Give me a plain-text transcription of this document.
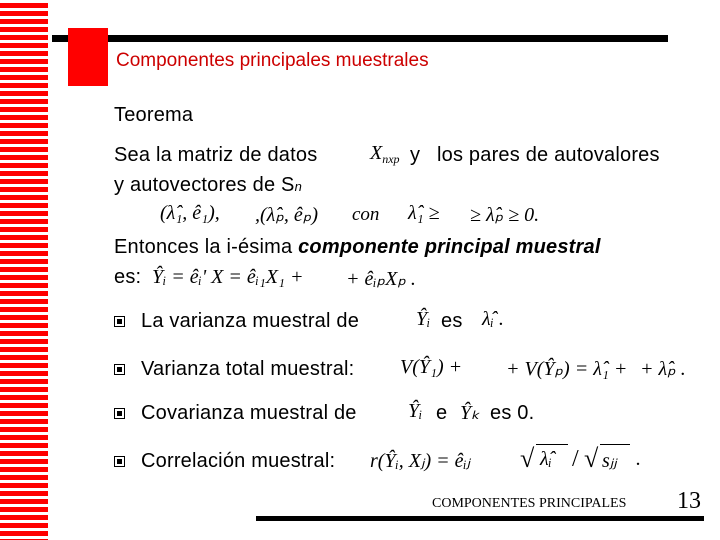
Componentes principales muestrales
Teorema
Sea la matriz de datos	$X_{nxp}$ y los pares de autovalores
y autovectores de Sn
(λ̂₁, ê₁), ,(λ̂ₚ, êₚ) con λ̂₁ ≥ ≥ λ̂ₚ ≥ 0.
Entonces la i-ésima componente principal muestral
es: Ŷᵢ = êᵢ' X = êᵢ₁X₁ + + êᵢₚXₚ .
La varianza muestral de	Ŷᵢ es λ̂ᵢ .
Varianza total muestral: V(Ŷ₁) + + V(Ŷₚ) = λ̂₁ + + λ̂ₚ .
Covarianza muestral de	Ŷᵢ e Ŷₖ es 0.
Correlación muestral: r(Ŷᵢ, Xⱼ) = êᵢⱼ √ λ̂ᵢ / √ sⱼⱼ .
COMPONENTES PRINCIPALES 13
